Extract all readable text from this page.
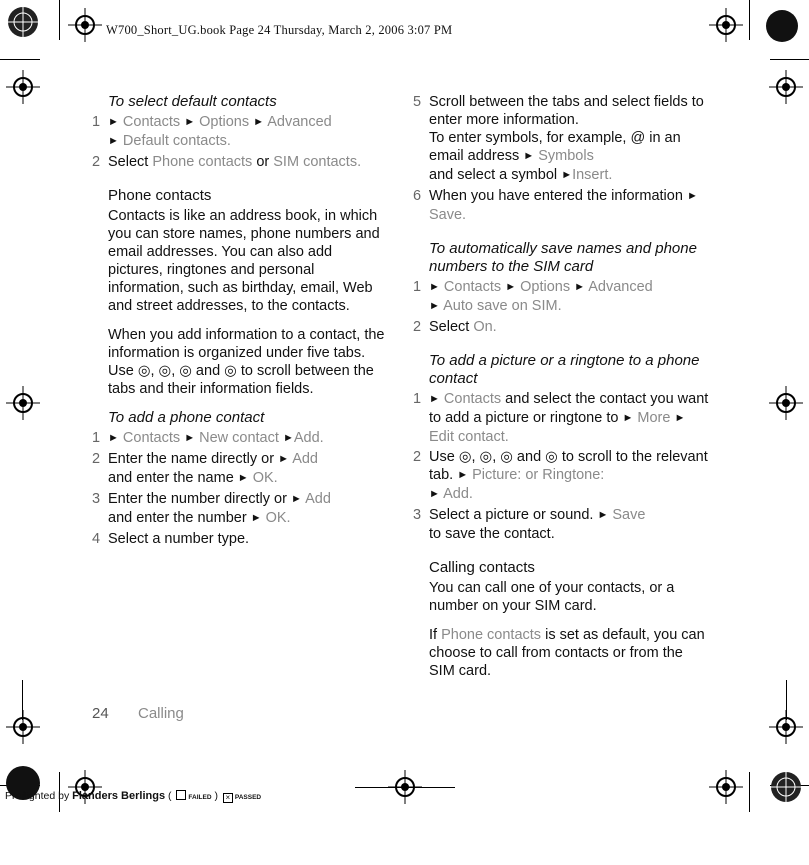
W700_Short_UG.book Page 24 Thursday, March 2, 2006 3:07 PM
To select default contacts
1 ► Contacts ► Options ► Advanced
► Default contacts.
2 Select Phone contacts or SIM contacts.
Phone contacts
Contacts is like an address book, in which you can store names, phone numbers and email addresses. You can also add pictures, ringtones and personal information, such as birthday, email, Web and street addresses, to the contacts.
When you add information to a contact, the information is organized under five tabs. Use ◎, ◎, ◎ and ◎ to scroll between the tabs and their information fields.
To add a phone contact
1 ► Contacts ► New contact ►Add.
2 Enter the name directly or ► Add
and enter the name ► OK.
3 Enter the number directly or ► Add
and enter the number ► OK.
4 Select a number type.
5 Scroll between the tabs and select fields to enter more information.
To enter symbols, for example, @ in an email address ► Symbols
and select a symbol ►Insert.
6 When you have entered the information ► Save.
To automatically save names and phone numbers to the SIM card
1 ► Contacts ► Options ► Advanced
► Auto save on SIM.
2 Select On.
To add a picture or a ringtone to a phone contact
1 ► Contacts and select the contact you want to add a picture or ringtone to ► More ► Edit contact.
2 Use ◎, ◎, ◎ and ◎ to scroll to the relevant tab. ► Picture: or Ringtone:
► Add.
3 Select a picture or sound. ► Save
to save the contact.
Calling contacts
You can call one of your contacts, or a number on your SIM card.
If Phone contacts is set as default, you can choose to call from contacts or from the SIM card.
24 Calling
Preflighted by Flanders Berlings ( FAILED ) × PASSED
